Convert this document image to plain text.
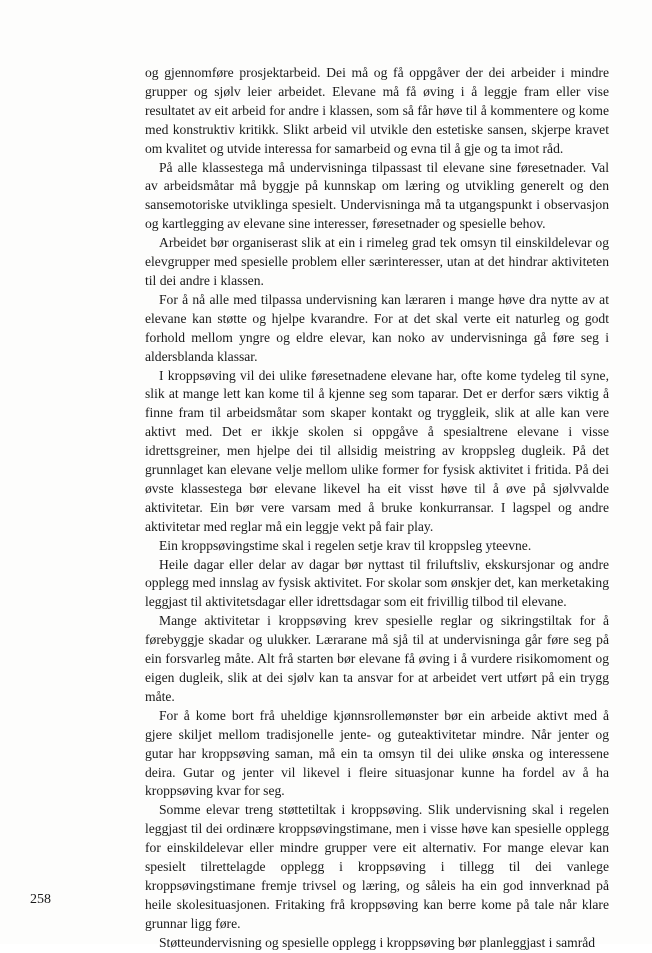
og gjennomføre prosjektarbeid. Dei må og få oppgåver der dei arbeider i mindre grupper og sjølv leier arbeidet. Elevane må få øving i å leggje fram eller vise resultatet av eit arbeid for andre i klassen, som så får høve til å kommentere og kome med konstruktiv kritikk. Slikt arbeid vil utvikle den estetiske sansen, skjerpe kravet om kvalitet og utvide interessa for samarbeid og evna til å gje og ta imot råd.

På alle klassestega må undervisninga tilpassast til elevane sine føresetnader. Val av arbeidsmåtar må byggje på kunnskap om læring og utvikling generelt og den sansemotoriske utviklinga spesielt. Undervisninga må ta utgangspunkt i observasjon og kartlegging av elevane sine interesser, føresetnader og spesielle behov.

Arbeidet bør organiserast slik at ein i rimeleg grad tek omsyn til einskildelevar og elevgrupper med spesielle problem eller særinteresser, utan at det hindrar aktiviteten til dei andre i klassen.

For å nå alle med tilpassa undervisning kan læraren i mange høve dra nytte av at elevane kan støtte og hjelpe kvarandre. For at det skal verte eit naturleg og godt forhold mellom yngre og eldre elevar, kan noko av undervisninga gå føre seg i aldersblanda klassar.

I kroppsøving vil dei ulike føresetnadene elevane har, ofte kome tydeleg til syne, slik at mange lett kan kome til å kjenne seg som taparar. Det er derfor særs viktig å finne fram til arbeidsmåtar som skaper kontakt og tryggleik, slik at alle kan vere aktivt med. Det er ikkje skolen si oppgåve å spesialtrene elevane i visse idrettsgreiner, men hjelpe dei til allsidig meistring av kroppsleg dugleik. På det grunnlaget kan elevane velje mellom ulike former for fysisk aktivitet i fritida. På dei øvste klassestega bør elevane likevel ha eit visst høve til å øve på sjølvvalde aktivitetar. Ein bør vere varsam med å bruke konkurransar. I lagspel og andre aktivitetar med reglar må ein leggje vekt på fair play.

Ein kroppsøvingstime skal i regelen setje krav til kroppsleg yteevne.

Heile dagar eller delar av dagar bør nyttast til friluftsliv, ekskursjonar og andre opplegg med innslag av fysisk aktivitet. For skolar som ønskjer det, kan merketaking leggjast til aktivitetsdagar eller idrettsdagar som eit frivillig tilbod til elevane.

Mange aktivitetar i kroppsøving krev spesielle reglar og sikringstiltak for å førebyggje skadar og ulukker. Lærarane må sjå til at undervisninga går føre seg på ein forsvarleg måte. Alt frå starten bør elevane få øving i å vurdere risikomoment og eigen dugleik, slik at dei sjølv kan ta ansvar for at arbeidet vert utført på ein trygg måte.

For å kome bort frå uheldige kjønnsrollemønster bør ein arbeide aktivt med å gjere skiljet mellom tradisjonelle jente- og guteaktivitetar mindre. Når jenter og gutar har kroppsøving saman, må ein ta omsyn til dei ulike ønska og interessene deira. Gutar og jenter vil likevel i fleire situasjonar kunne ha fordel av å ha kroppsøving kvar for seg.

Somme elevar treng støttetiltak i kroppsøving. Slik undervisning skal i regelen leggjast til dei ordinære kroppsøvingstimane, men i visse høve kan spesielle opplegg for einskildelevar eller mindre grupper vere eit alternativ. For mange elevar kan spesielt tilrettelagde opplegg i kroppsøving i tillegg til dei vanlege kroppsøvingstimane fremje trivsel og læring, og såleis ha ein god innverknad på heile skolesituasjonen. Fritaking frå kroppsøving kan berre kome på tale når klare grunnar ligg føre.

Støtteundervisning og spesielle opplegg i kroppsøving bør planleggjast i samråd

258
